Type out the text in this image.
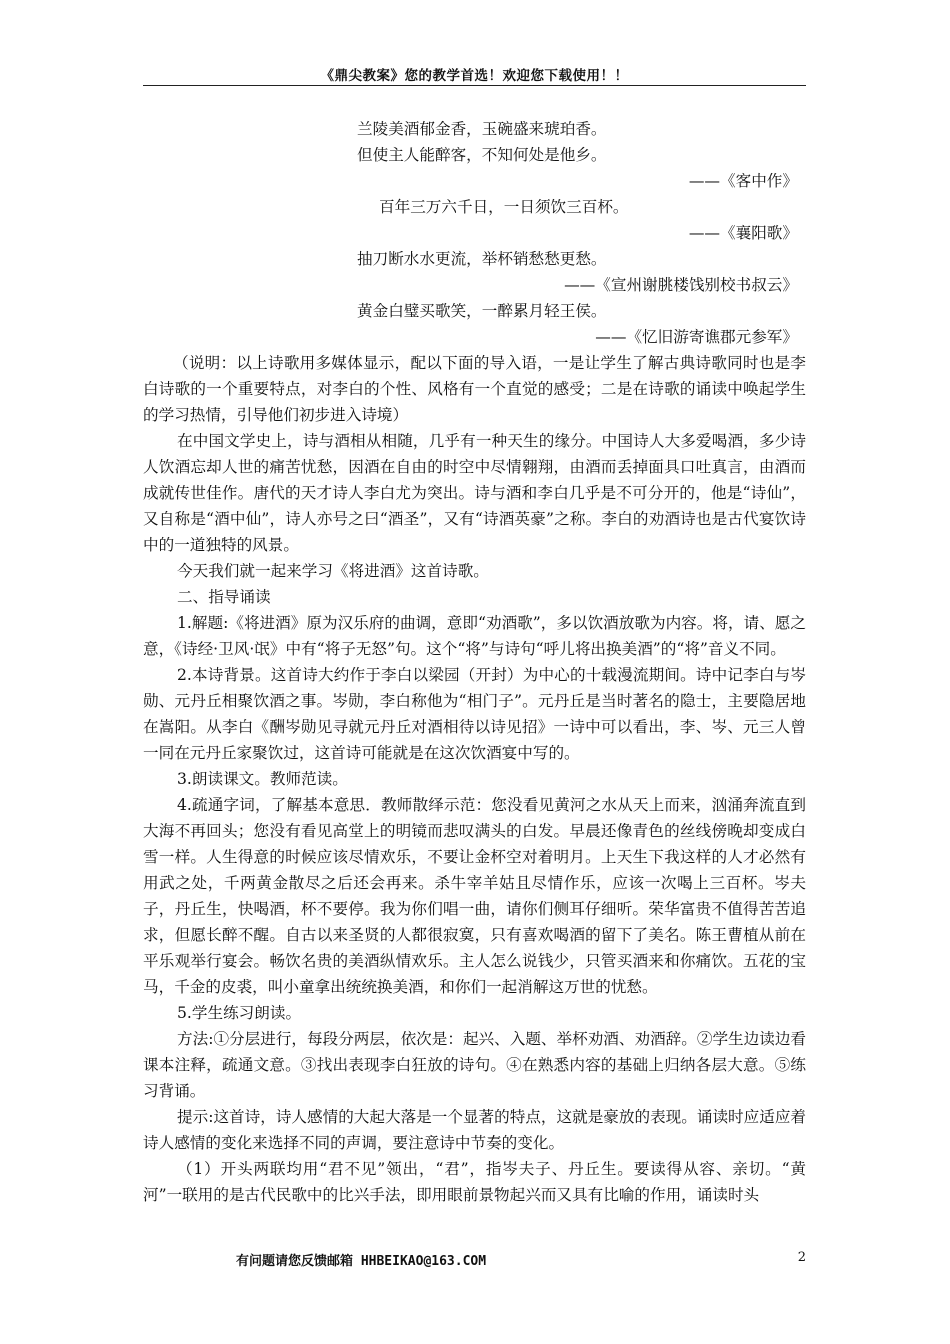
《鼎尖教案》您的教学首选！欢迎您下载使用！！
兰陵美酒郁金香，玉碗盛来琥珀香。
但使主人能醉客，不知何处是他乡。
——《客中作》
百年三万六千日，一日须饮三百杯。
——《襄阳歌》
抽刀断水水更流，举杯销愁愁更愁。
——《宣州谢朓楼饯别校书叔云》
黄金白璧买歌笑，一醉累月轻王侯。
——《忆旧游寄谯郡元参军》
（说明：以上诗歌用多媒体显示，配以下面的导入语，一是让学生了解古典诗歌同时也是李白诗歌的一个重要特点，对李白的个性、风格有一个直觉的感受；二是在诗歌的诵读中唤起学生的学习热情，引导他们初步进入诗境）
在中国文学史上，诗与酒相从相随，几乎有一种天生的缘分。中国诗人大多爱喝酒，多少诗人饮酒忘却人世的痛苦忧愁，因酒在自由的时空中尽情翱翔，由酒而丢掉面具口吐真言，由酒而成就传世佳作。唐代的天才诗人李白尤为突出。诗与酒和李白几乎是不可分开的，他是“诗仙”，又自称是“酒中仙”，诗人亦号之曰“酒圣”，又有“诗酒英豪”之称。李白的劝酒诗也是古代宴饮诗中的一道独特的风景。
今天我们就一起来学习《将进酒》这首诗歌。
二、指导诵读
1.解题:《将进酒》原为汉乐府的曲调，意即“劝酒歌”，多以饮酒放歌为内容。将，请、愿之意，《诗经·卫风·氓》中有“将子无怒”句。这个“将”与诗句“呼儿将出换美酒”的“将”音义不同。
2.本诗背景。这首诗大约作于李白以梁园（开封）为中心的十载漫流期间。诗中记李白与岑勋、元丹丘相聚饮酒之事。岑勋，李白称他为“相门子”。元丹丘是当时著名的隐士，主要隐居地在嵩阳。从李白《酬岑勋见寻就元丹丘对酒相待以诗见招》一诗中可以看出，李、岑、元三人曾一同在元丹丘家聚饮过，这首诗可能就是在这次饮酒宴中写的。
3.朗读课文。教师范读。
4.疏通字词，了解基本意思．教师散绎示范：您没看见黄河之水从天上而来，汹涌奔流直到大海不再回头；您没有看见高堂上的明镜而悲叹满头的白发。早晨还像青色的丝线傍晚却变成白雪一样。人生得意的时候应该尽情欢乐，不要让金杯空对着明月。上天生下我这样的人才必然有用武之处，千两黄金散尽之后还会再来。杀牛宰羊姑且尽情作乐，应该一次喝上三百杯。岑夫子，丹丘生，快喝酒，杯不要停。我为你们唱一曲，请你们侧耳仔细听。荣华富贵不值得苦苦追求，但愿长醉不醒。自古以来圣贤的人都很寂寞，只有喜欢喝酒的留下了美名。陈王曹植从前在平乐观举行宴会。畅饮名贵的美酒纵情欢乐。主人怎么说钱少，只管买酒来和你痛饮。五花的宝马，千金的皮裘，叫小童拿出统统换美酒，和你们一起消解这万世的忧愁。
5.学生练习朗读。
方法:①分层进行，每段分两层，依次是：起兴、入题、举杯劝酒、劝酒辞。②学生边读边看课本注释，疏通文意。③找出表现李白狂放的诗句。④在熟悉内容的基础上归纳各层大意。⑤练习背诵。
提示:这首诗，诗人感情的大起大落是一个显著的特点，这就是豪放的表现。诵读时应适应着诗人感情的变化来选择不同的声调，要注意诗中节奏的变化。
（1）开头两联均用“君不见”领出，“君”，指岑夫子、丹丘生。要读得从容、亲切。“黄河”一联用的是古代民歌中的比兴手法，即用眼前景物起兴而又具有比喻的作用，诵读时头
有问题请您反馈邮箱 HHBEIKAO@163.COM	2
